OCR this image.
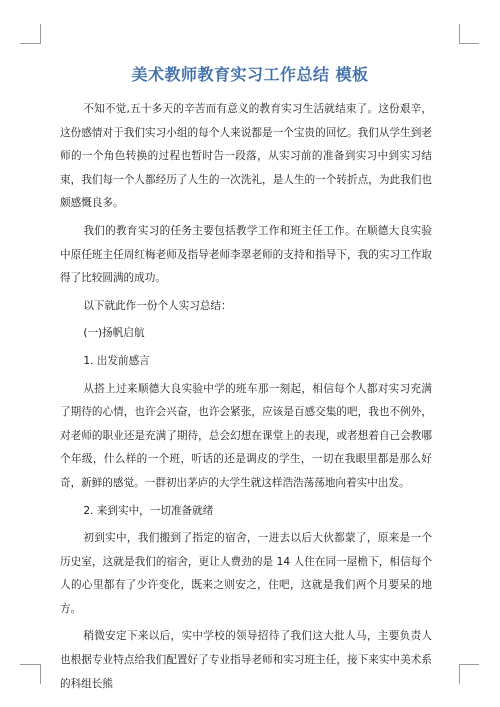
美术教师教育实习工作总结 模板

不知不觉,五十多天的辛苦而有意义的教育实习生活就结束了。这份艰辛，这份感情对于我们实习小组的每个人来说都是一个宝贵的回忆。我们从学生到老师的一个角色转换的过程也暂时告一段落，从实习前的准备到实习中到实习结束，我们每一个人都经历了人生的一次洗礼，是人生的一个转折点，为此我们也颇感慨良多。

我们的教育实习的任务主要包括教学工作和班主任工作。在顺德大良实验中原任班主任周红梅老师及指导老师李翠老师的支持和指导下，我的实习工作取得了比较圆满的成功。

以下就此作一份个人实习总结：

(一)扬帆启航

1. 出发前感言

从搭上过来顺德大良实验中学的班车那一刻起，相信每个人都对实习充满了期待的心情，也许会兴奋，也许会紧张，应该是百感交集的吧，我也不例外，对老师的职业还是充满了期待，总会幻想在课堂上的表现，或者想着自己会教哪个年级，什么样的一个班，听话的还是调皮的学生，一切在我眼里都是那么好奇，新鲜的感觉。一群初出茅庐的大学生就这样浩浩荡荡地向着实中出发。

2. 来到实中，一切准备就绪

初到实中，我们搬到了指定的宿舍，一进去以后大伙都蒙了，原来是一个历史室，这就是我们的宿舍，更让人费劲的是 14 人住在同一屋檐下，相信每个人的心里都有了少许变化，既来之则安之，住吧，这就是我们两个月要呆的地方。

稍微安定下来以后，实中学校的领导招待了我们这大批人马，主要负责人也根据专业特点给我们配置好了专业指导老师和实习班主任，接下来实中美术系的科组长熊
